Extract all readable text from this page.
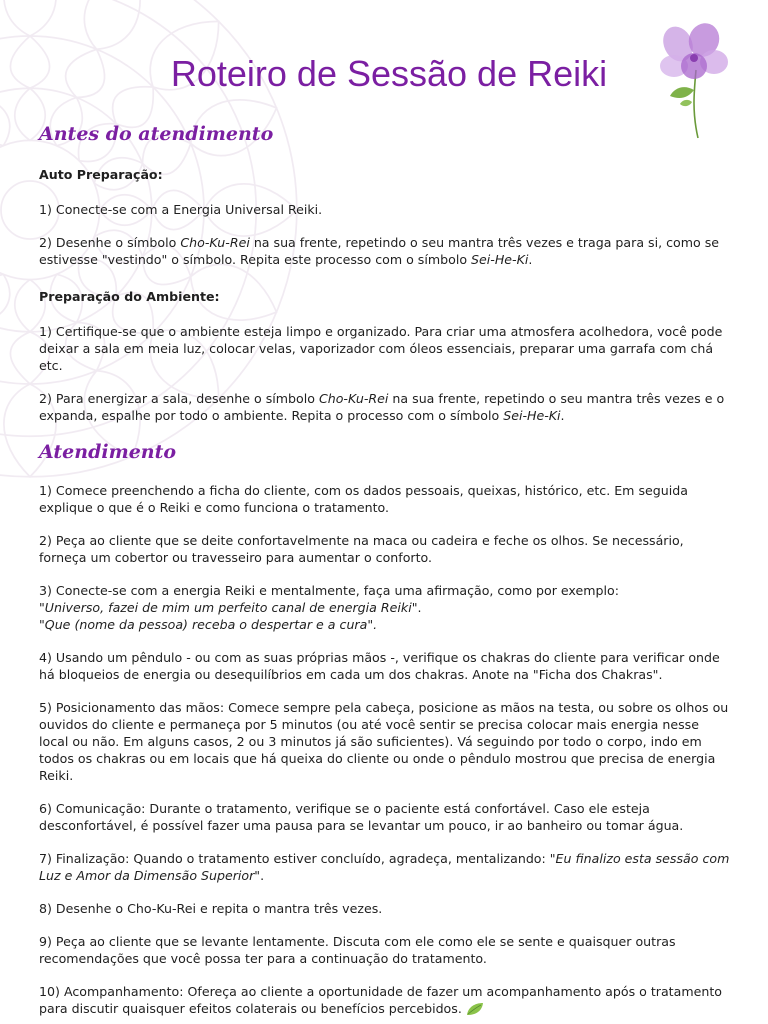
Roteiro de Sessão de Reiki
Antes do atendimento
Auto Preparação:

1) Conecte-se com a Energia Universal Reiki.

2) Desenhe o símbolo Cho-Ku-Rei na sua frente, repetindo o seu mantra três vezes e traga para si, como se estivesse "vestindo" o símbolo. Repita este processo com o símbolo Sei-He-Ki.

Preparação do Ambiente:

1) Certifique-se que o ambiente esteja limpo e organizado. Para criar uma atmosfera acolhedora, você pode deixar a sala em meia luz, colocar velas, vaporizador com óleos essenciais, preparar uma garrafa com chá etc.

2) Para energizar a sala, desenhe o símbolo Cho-Ku-Rei na sua frente, repetindo o seu mantra três vezes e o expanda, espalhe por todo o ambiente. Repita o processo com o símbolo Sei-He-Ki.

Atendimento

1) Comece preenchendo a ficha do cliente, com os dados pessoais, queixas, histórico, etc. Em seguida explique o que é o Reiki e como funciona o tratamento.

2) Peça ao cliente que se deite confortavelmente na maca ou cadeira e feche os olhos. Se necessário, forneça um cobertor ou travesseiro para aumentar o conforto.

3) Conecte-se com a energia Reiki e mentalmente, faça uma afirmação, como por exemplo:
"Universo, fazei de mim um perfeito canal de energia Reiki".
"Que (nome da pessoa) receba o despertar e a cura".

4) Usando um pêndulo - ou com as suas próprias mãos -, verifique os chakras do cliente para verificar onde há bloqueios de energia ou desequilíbrios em cada um dos chakras. Anote na "Ficha dos Chakras".

5) Posicionamento das mãos: Comece sempre pela cabeça, posicione as mãos na testa, ou sobre os olhos ou ouvidos do cliente e permaneça por 5 minutos (ou até você sentir se precisa colocar mais energia nesse local ou não. Em alguns casos, 2 ou 3 minutos já são suficientes). Vá seguindo por todo o corpo, indo em todos os chakras ou em locais que há queixa do cliente ou onde o pêndulo mostrou que precisa de energia Reiki.

6) Comunicação: Durante o tratamento, verifique se o paciente está confortável. Caso ele esteja desconfortável, é possível fazer uma pausa para se levantar um pouco, ir ao banheiro ou tomar água.

7) Finalização: Quando o tratamento estiver concluído, agradeça, mentalizando: "Eu finalizo esta sessão com Luz e Amor da Dimensão Superior".

8) Desenhe o Cho-Ku-Rei e repita o mantra três vezes.

9) Peça ao cliente que se levante lentamente. Discuta com ele como ele se sente e quaisquer outras recomendações que você possa ter para a continuação do tratamento.

10) Acompanhamento: Ofereça ao cliente a oportunidade de fazer um acompanhamento após o tratamento para discutir quaisquer efeitos colaterais ou benefícios percebidos.
